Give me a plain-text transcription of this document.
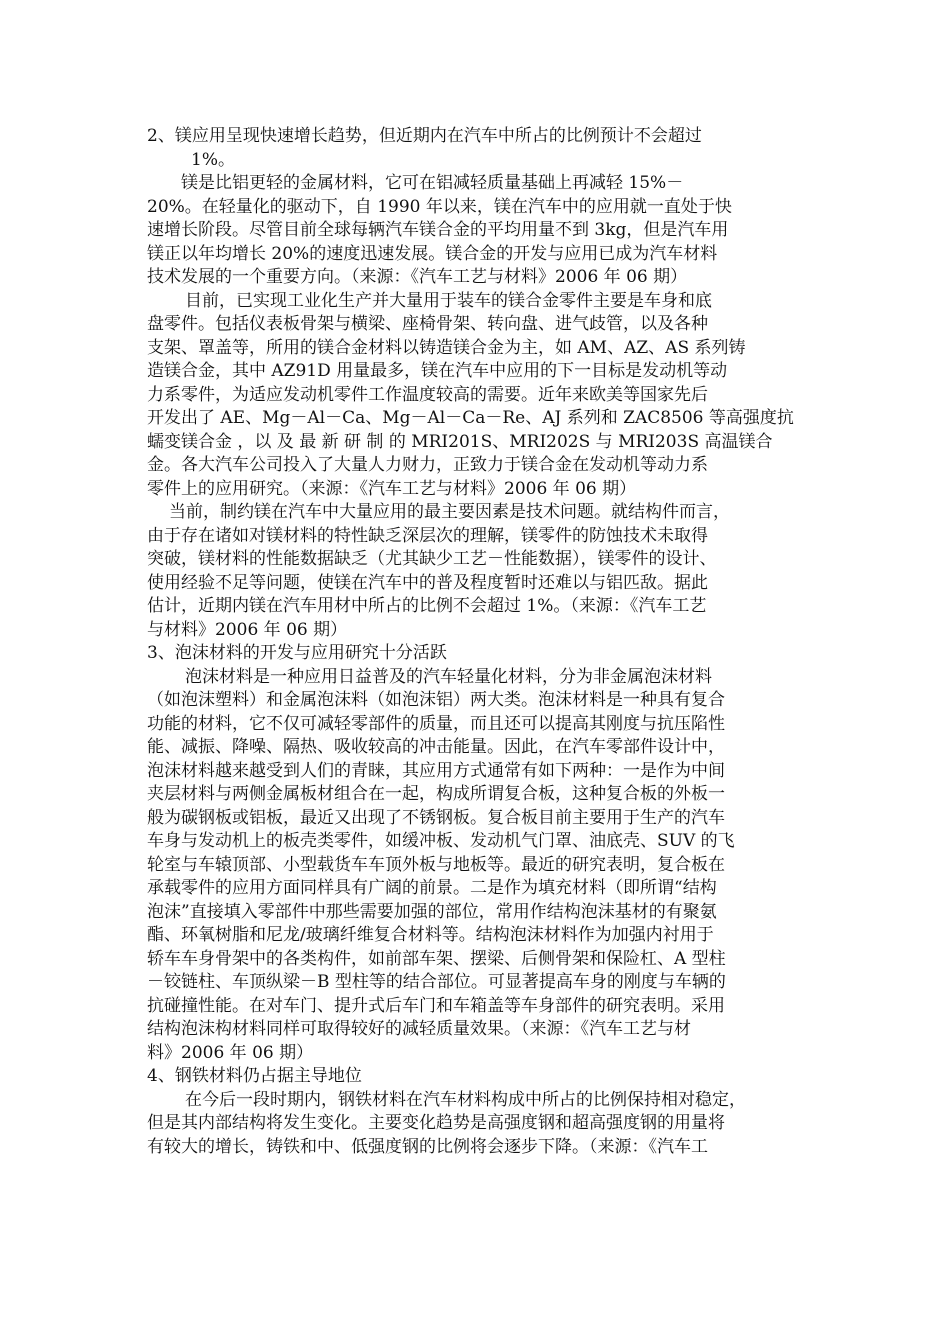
2、镁应用呈现快速增长趋势，但近期内在汽车中所占的比例预计不会超过
1%。
镁是比铝更轻的金属材料，它可在铝减轻质量基础上再减轻 15%－
20%。在轻量化的驱动下，自 1990 年以来，镁在汽车中的应用就一直处于快
速增长阶段。尽管目前全球每辆汽车镁合金的平均用量不到 3kg，但是汽车用
镁正以年均增长 20%的速度迅速发展。镁合金的开发与应用已成为汽车材料
技术发展的一个重要方向。（来源：《汽车工艺与材料》2006 年 06 期）
目前，已实现工业化生产并大量用于装车的镁合金零件主要是车身和底
盘零件。包括仪表板骨架与横梁、座椅骨架、转向盘、进气歧管，以及各种
支架、罩盖等，所用的镁合金材料以铸造镁合金为主，如 AM、AZ、AS 系列铸
造镁合金，其中 AZ91D 用量最多，镁在汽车中应用的下一目标是发动机等动
力系零件，为适应发动机零件工作温度较高的需要。近年来欧美等国家先后
开发出了 AE、Mg－Al－Ca、Mg－Al－Ca－Re、AJ 系列和 ZAC8506 等高强度抗
蠕变镁合金 ，以 及 最 新 研 制 的 MRI201S、MRI202S 与 MRI203S 高温镁合
金。各大汽车公司投入了大量人力财力，正致力于镁合金在发动机等动力系
零件上的应用研究。（来源：《汽车工艺与材料》2006 年 06 期）
当前，制约镁在汽车中大量应用的最主要因素是技术问题。就结构件而言，
由于存在诸如对镁材料的特性缺乏深层次的理解，镁零件的防蚀技术未取得
突破，镁材料的性能数据缺乏（尤其缺少工艺－性能数据），镁零件的设计、
使用经验不足等问题，使镁在汽车中的普及程度暂时还难以与铝匹敌。据此
估计，近期内镁在汽车用材中所占的比例不会超过 1%。（来源：《汽车工艺
与材料》2006 年 06 期）
3、泡沫材料的开发与应用研究十分活跃
泡沫材料是一种应用日益普及的汽车轻量化材料，分为非金属泡沫材料
（如泡沫塑料）和金属泡沫料（如泡沫铝）两大类。泡沫材料是一种具有复合
功能的材料，它不仅可减轻零部件的质量，而且还可以提高其刚度与抗压陷性
能、减振、降噪、隔热、吸收较高的冲击能量。因此，在汽车零部件设计中，
泡沫材料越来越受到人们的青睐，其应用方式通常有如下两种：一是作为中间
夹层材料与两侧金属板材组合在一起，构成所谓复合板，这种复合板的外板一
般为碳钢板或铝板，最近又出现了不锈钢板。复合板目前主要用于生产的汽车
车身与发动机上的板壳类零件，如缓冲板、发动机气门罩、油底壳、SUV 的飞
轮室与车辕顶部、小型载货车车顶外板与地板等。最近的研究表明，复合板在
承载零件的应用方面同样具有广阔的前景。二是作为填充材料（即所谓“结构
泡沫”直接填入零部件中那些需要加强的部位，常用作结构泡沫基材的有聚氨
酯、环氧树脂和尼龙/玻璃纤维复合材料等。结构泡沫材料作为加强内衬用于
轿车车身骨架中的各类构件，如前部车架、摆梁、后侧骨架和保险杠、A 型柱
－铰链柱、车顶纵梁－B 型柱等的结合部位。可显著提高车身的刚度与车辆的
抗碰撞性能。在对车门、提升式后车门和车箱盖等车身部件的研究表明。采用
结构泡沫构材料同样可取得较好的减轻质量效果。（来源：《汽车工艺与材
料》2006 年 06 期）
4、钢铁材料仍占据主导地位
在今后一段时期内，钢铁材料在汽车材料构成中所占的比例保持相对稳定，
但是其内部结构将发生变化。主要变化趋势是高强度钢和超高强度钢的用量将
有较大的增长，铸铁和中、低强度钢的比例将会逐步下降。（来源：《汽车工
